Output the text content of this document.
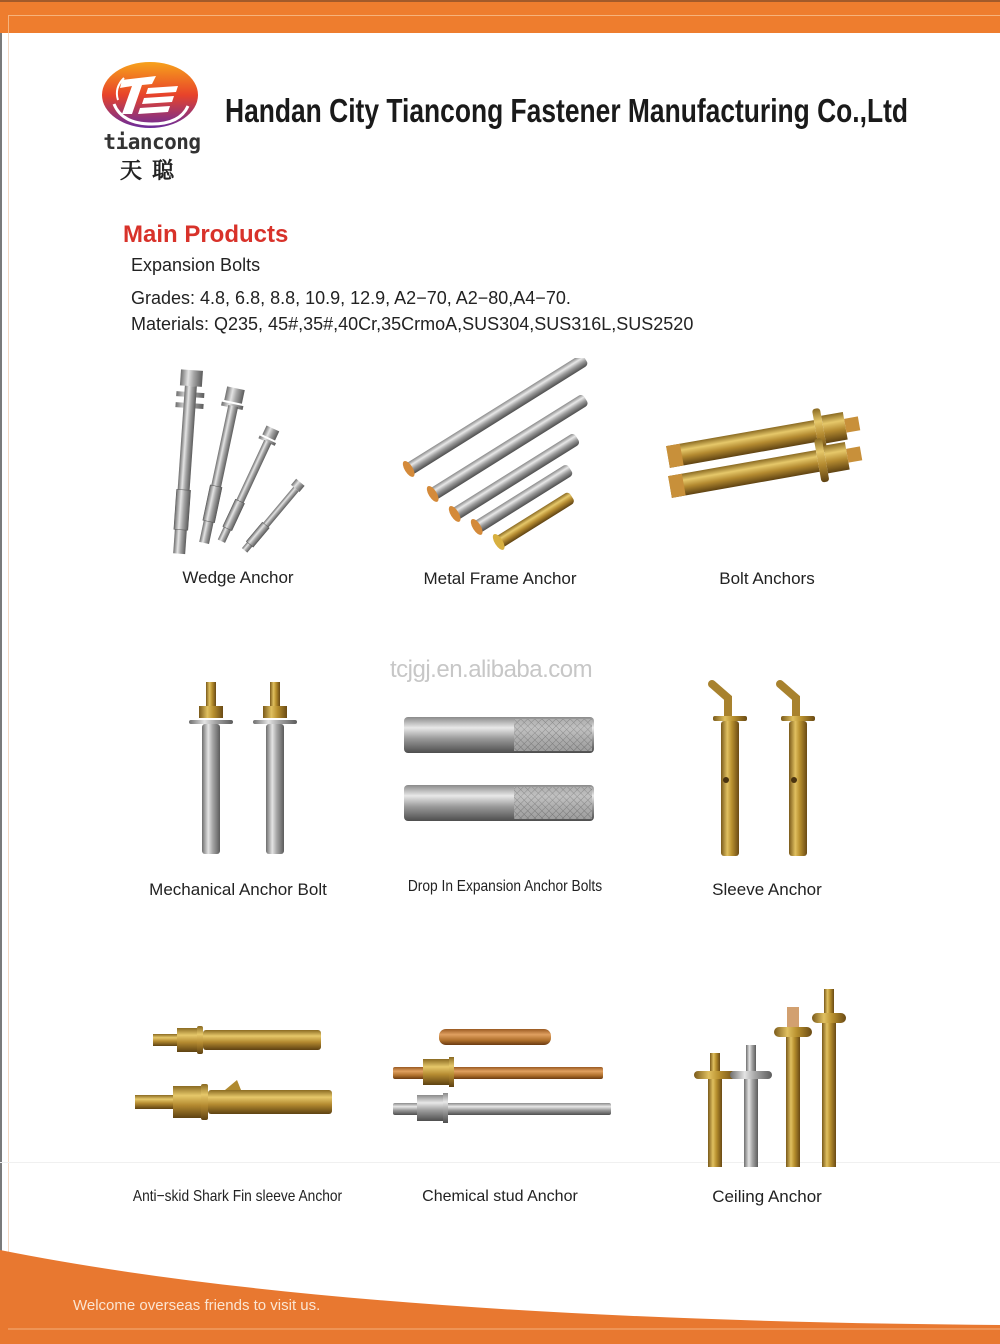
tiancong
天聪
Handan City Tiancong Fastener Manufacturing Co.,Ltd
Main Products
Expansion Bolts
Grades: 4.8, 6.8, 8.8, 10.9, 12.9, A2−70, A2−80,A4−70.
Materials: Q235, 45#,35#,40Cr,35CrmoA,SUS304,SUS316L,SUS2520
Wedge Anchor	Metal Frame Anchor	Bolt Anchors
Mechanical Anchor Bolt
tcjgj.en.alibaba.com
Drop In Expansion Anchor Bolts	Sleeve Anchor
Anti−skid Shark Fin sleeve Anchor	Chemical stud Anchor	Ceiling Anchor
Welcome overseas friends to visit us.
